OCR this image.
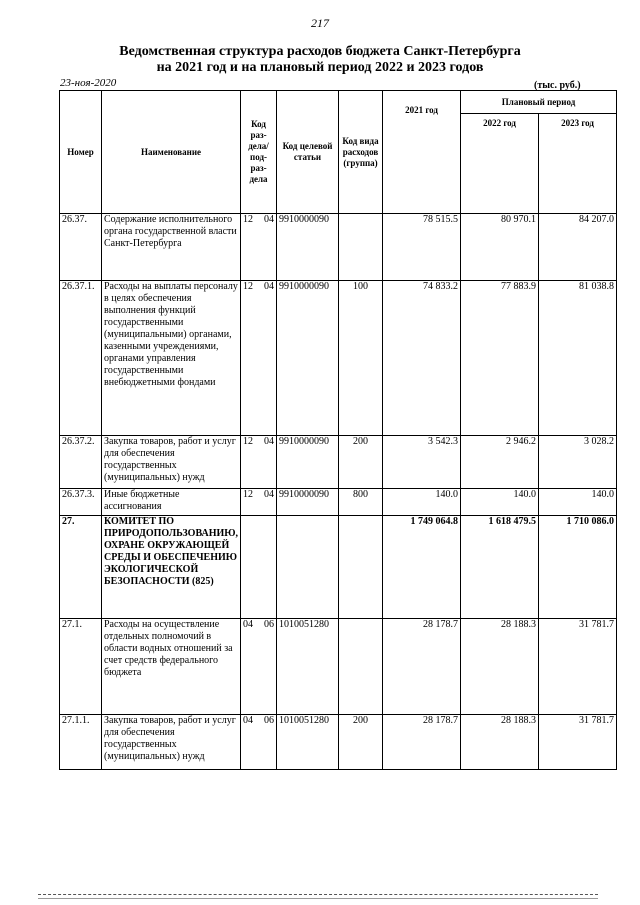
217
Ведомственная структура расходов бюджета Санкт-Петербурга
на 2021 год и на плановый период 2022 и 2023 годов
23-ноя-2020	(тыс. руб.)
Номер	Наименование	Код раз-дела/ под-раз-дела	Код целевой статьи	Код вида расходов (группа)	2021 год	Плановый период	
						2022 год	2023 год
26.37.	Содержание исполнительного органа государственной власти Санкт-Петербурга	12 04	9910000090		78 515.5	80 970.1	84 207.0
26.37.1.	Расходы на выплаты персоналу в целях обеспечения выполнения функций государственными (муниципальными) органами, казенными учреждениями, органами управления государственными внебюджетными фондами	12 04	9910000090	100	74 833.2	77 883.9	81 038.8
26.37.2.	Закупка товаров, работ и услуг для обеспечения государственных (муниципальных) нужд	12 04	9910000090	200	3 542.3	2 946.2	3 028.2
26.37.3.	Иные бюджетные ассигнования	12 04	9910000090	800	140.0	140.0	140.0
27.	КОМИТЕТ ПО ПРИРОДОПОЛЬЗОВАНИЮ, ОХРАНЕ ОКРУЖАЮЩЕЙ СРЕДЫ И ОБЕСПЕЧЕНИЮ ЭКОЛОГИЧЕСКОЙ БЕЗОПАСНОСТИ (825)				1 749 064.8	1 618 479.5	1 710 086.0
27.1.	Расходы на осуществление отдельных полномочий в области водных отношений за счет средств федерального бюджета	04 06	1010051280		28 178.7	28 188.3	31 781.7
27.1.1.	Закупка товаров, работ и услуг для обеспечения государственных (муниципальных) нужд	04 06	1010051280	200	28 178.7	28 188.3	31 781.7
